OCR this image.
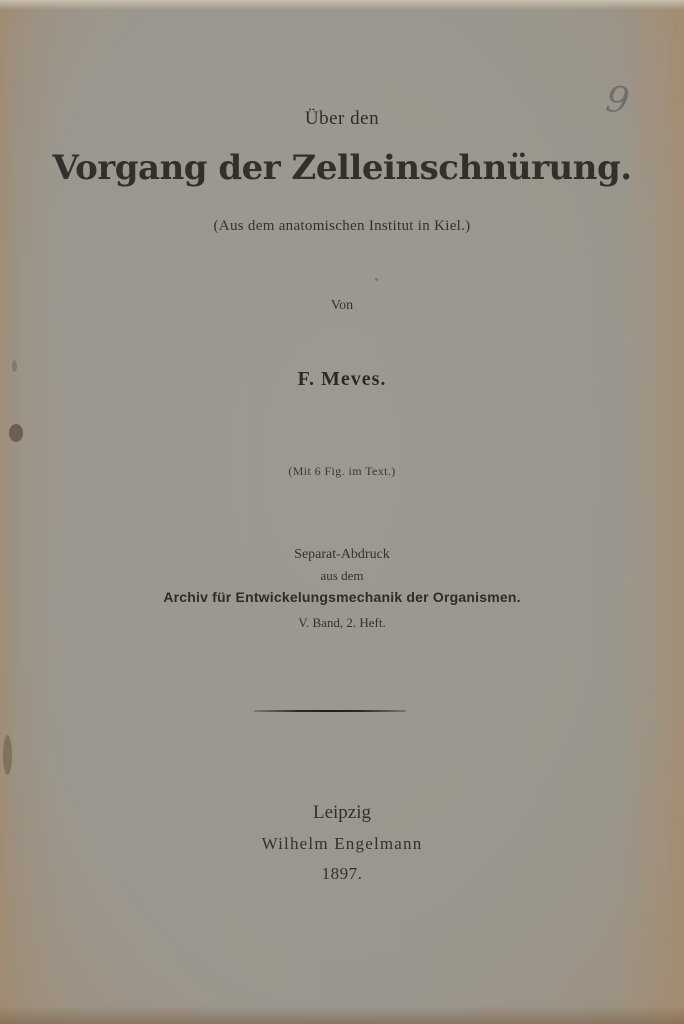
9

Über den

Vorgang der Zelleinschnürung.

(Aus dem anatomischen Institut in Kiel.)

Von

F. Meves.

(Mit 6 Fig. im Text.)

Separat-Abdruck

aus dem

Archiv für Entwickelungsmechanik der Organismen.

V. Band, 2. Heft.

Leipzig

Wilhelm Engelmann

1897.
